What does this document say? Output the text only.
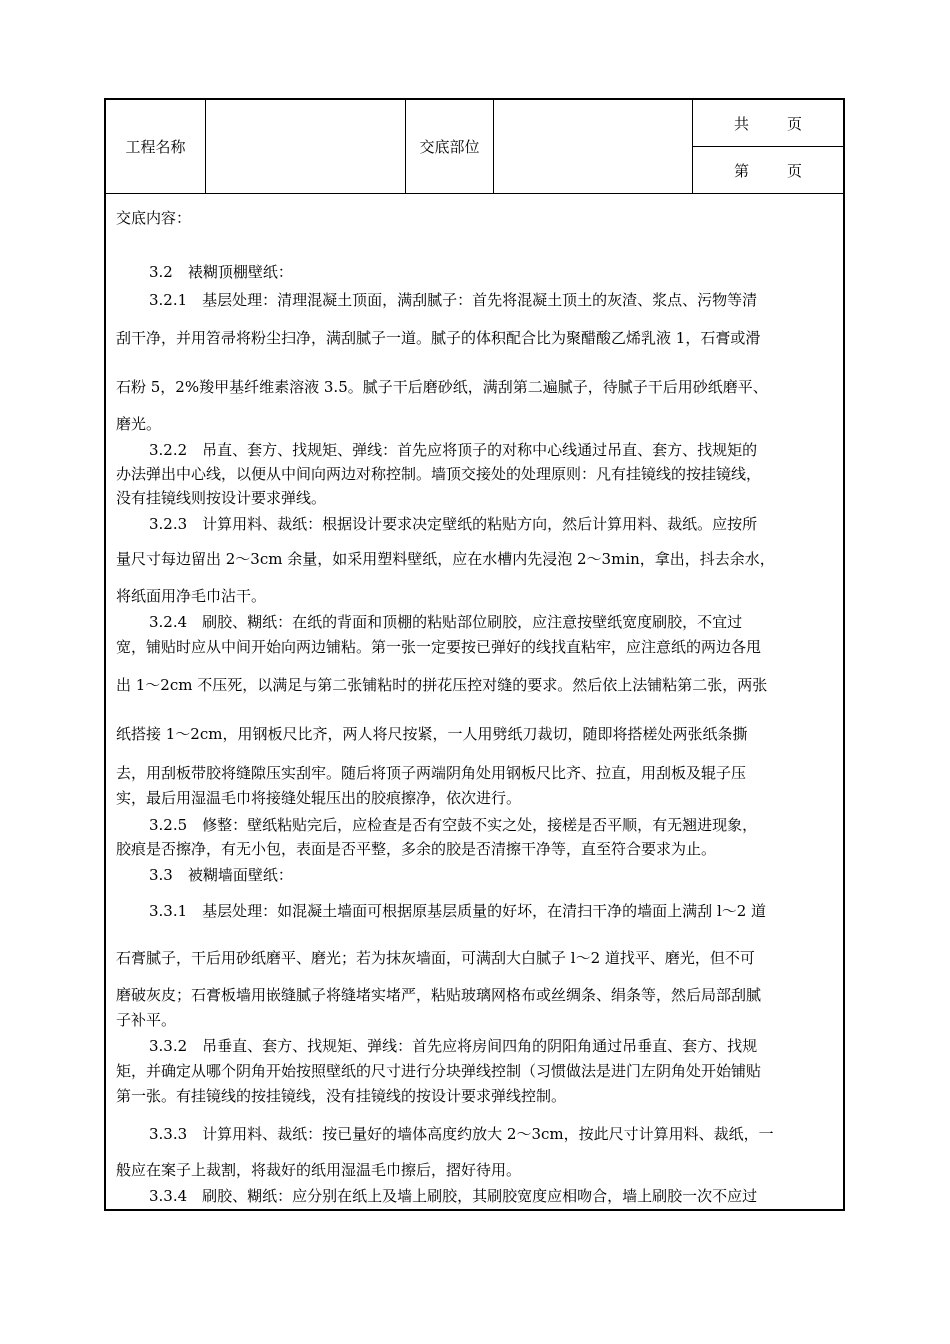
工程名称	交底部位
共	页
第	页
交底内容：
3.2　裱糊顶棚壁纸：
3.2.1　基层处理：清理混凝土顶面，满刮腻子：首先将混凝土顶土的灰渣、浆点、污物等清
刮干净，并用笤帚将粉尘扫净，满刮腻子一道。腻子的体积配合比为聚醋酸乙烯乳液 1，石膏或滑
石粉 5，2%羧甲基纤维素溶液 3.5。腻子干后磨砂纸，满刮第二遍腻子，待腻子干后用砂纸磨平、
磨光。
3.2.2　吊直、套方、找规矩、弹线：首先应将顶子的对称中心线通过吊直、套方、找规矩的
办法弹出中心线，以便从中间向两边对称控制。墙顶交接处的处理原则：凡有挂镜线的按挂镜线，
没有挂镜线则按设计要求弹线。
3.2.3　计算用料、裁纸：根据设计要求决定壁纸的粘贴方向，然后计算用料、裁纸。应按所
量尺寸每边留出 2～3cm 余量，如采用塑料壁纸，应在水槽内先浸泡 2～3min，拿出，抖去余水，
将纸面用净毛巾沾干。
3.2.4　刷胶、糊纸：在纸的背面和顶棚的粘贴部位刷胶，应注意按壁纸宽度刷胶，不宜过
宽，铺贴时应从中间开始向两边铺粘。第一张一定要按已弹好的线找直粘牢，应注意纸的两边各甩
出 1～2cm 不压死，以满足与第二张铺粘时的拼花压控对缝的要求。然后依上法铺粘第二张，两张
纸搭接 1～2cm，用钢板尺比齐，两人将尺按紧，一人用劈纸刀裁切，随即将搭槎处两张纸条撕
去，用刮板带胶将缝隙压实刮牢。随后将顶子两端阴角处用钢板尺比齐、拉直，用刮板及辊子压
实，最后用湿温毛巾将接缝处辊压出的胶痕擦净，依次进行。
3.2.5　修整：壁纸粘贴完后，应检查是否有空鼓不实之处，接槎是否平顺，有无翘进现象，
胶痕是否擦净，有无小包，表面是否平整，多余的胶是否清擦干净等，直至符合要求为止。
3.3　被糊墙面壁纸：
3.3.1　基层处理：如混凝土墙面可根据原基层质量的好坏，在清扫干净的墙面上满刮 l～2 道
石膏腻子，干后用砂纸磨平、磨光；若为抹灰墙面，可满刮大白腻子 l～2 道找平、磨光，但不可
磨破灰皮；石膏板墙用嵌缝腻子将缝堵实堵严，粘贴玻璃网格布或丝绸条、绢条等，然后局部刮腻
子补平。
3.3.2　吊垂直、套方、找规矩、弹线：首先应将房间四角的阴阳角通过吊垂直、套方、找规
矩，并确定从哪个阴角开始按照壁纸的尺寸进行分块弹线控制（习惯做法是进门左阴角处开始铺贴
第一张。有挂镜线的按挂镜线，没有挂镜线的按设计要求弹线控制。
3.3.3　计算用料、裁纸：按已量好的墙体高度约放大 2～3cm，按此尺寸计算用料、裁纸，一
般应在案子上裁割，将裁好的纸用湿温毛巾擦后，摺好待用。
3.3.4　刷胶、糊纸：应分别在纸上及墙上刷胶，其刷胶宽度应相吻合，墙上刷胶一次不应过
